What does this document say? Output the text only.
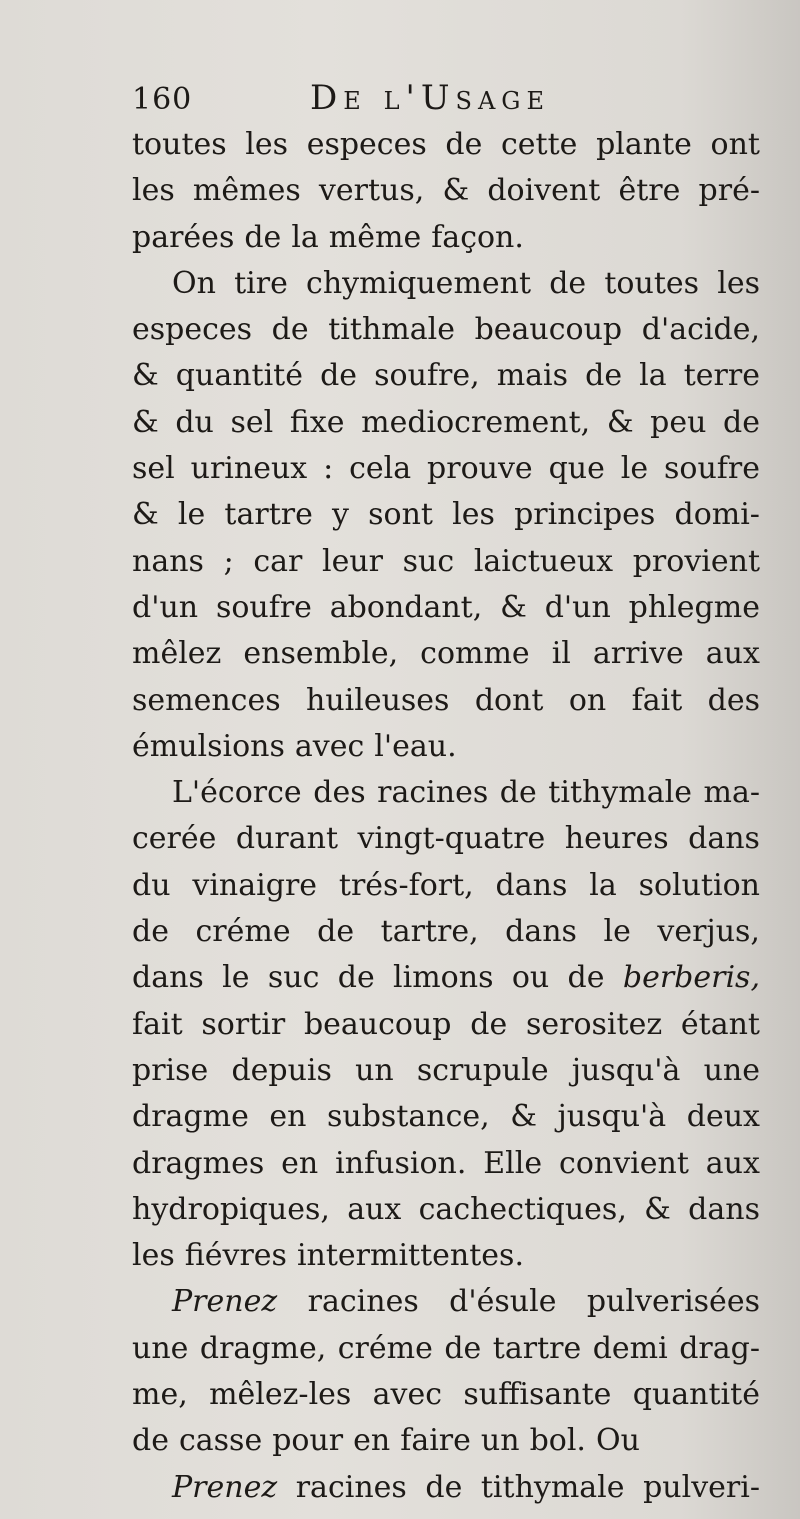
160	De l'Usage
toutes les especes de cette plante ont
les mêmes vertus, & doivent être pré-
parées de la même façon.
On tire chymiquement de toutes les
especes de tithmale beaucoup d'acide,
& quantité de soufre, mais de la terre
& du sel fixe mediocrement, & peu de
sel urineux : cela prouve que le soufre
& le tartre y sont les principes domi-
nans ; car leur suc laictueux provient
d'un soufre abondant, & d'un phlegme
mêlez ensemble, comme il arrive aux
semences huileuses dont on fait des
émulsions avec l'eau.
L'écorce des racines de tithymale ma-
cerée durant vingt-quatre heures dans
du vinaigre trés-fort, dans la solution
de créme de tartre, dans le verjus,
dans le suc de limons ou de berberis,
fait sortir beaucoup de serositez étant
prise depuis un scrupule jusqu'à une
dragme en substance, & jusqu'à deux
dragmes en infusion. Elle convient aux
hydropiques, aux cachectiques, & dans
les fiévres intermittentes.
Prenez racines d'ésule pulverisées
une dragme, créme de tartre demi drag-
me, mêlez-les avec suffisante quantité
de casse pour en faire un bol. Ou
Prenez racines de tithymale pulveri-
